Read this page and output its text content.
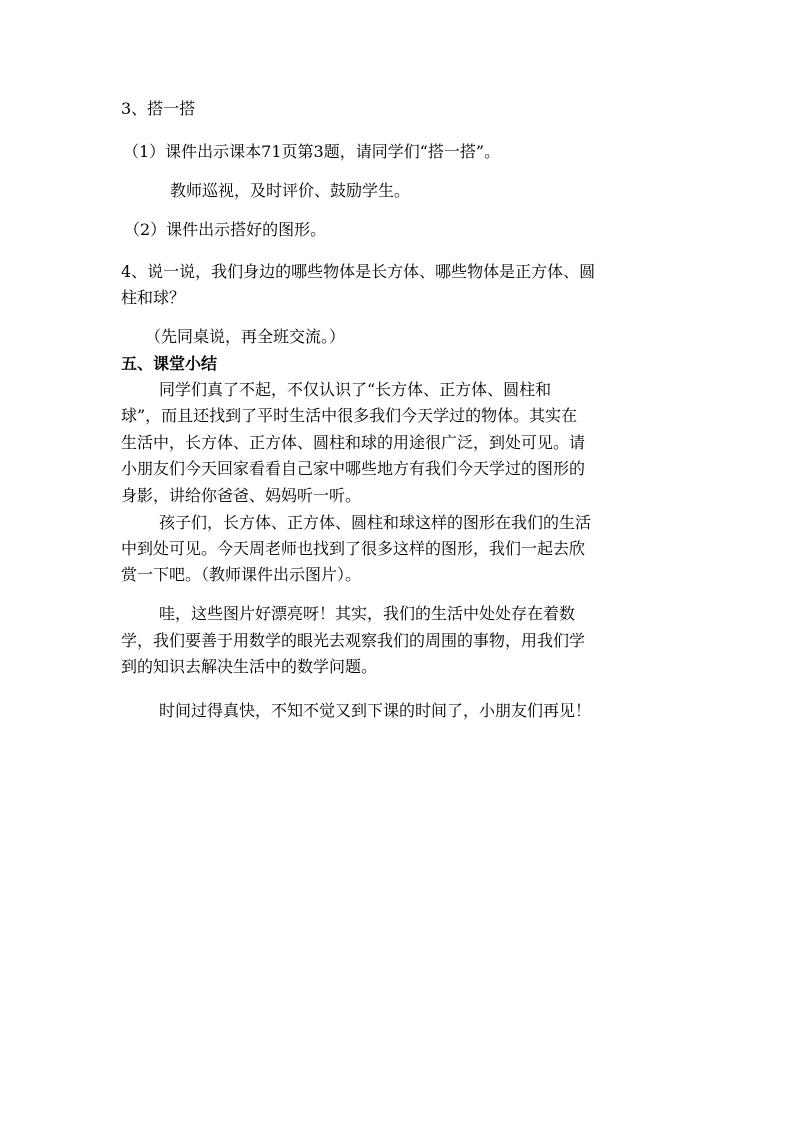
3、搭一搭
（1）课件出示课本71页第3题，请同学们“搭一搭”。
教师巡视，及时评价、鼓励学生。
（2）课件出示搭好的图形。
4、说一说，我们身边的哪些物体是长方体、哪些物体是正方体、圆
柱和球？
（先同桌说，再全班交流。）
五、课堂小结
同学们真了不起，不仅认识了“长方体、正方体、圆柱和
球”，而且还找到了平时生活中很多我们今天学过的物体。其实在
生活中，长方体、正方体、圆柱和球的用途很广泛，到处可见。请
小朋友们今天回家看看自己家中哪些地方有我们今天学过的图形的
身影，讲给你爸爸、妈妈听一听。
孩子们，长方体、正方体、圆柱和球这样的图形在我们的生活
中到处可见。今天周老师也找到了很多这样的图形，我们一起去欣
赏一下吧。（教师课件出示图片）。
哇，这些图片好漂亮呀！其实，我们的生活中处处存在着数
学，我们要善于用数学的眼光去观察我们的周围的事物，用我们学
到的知识去解决生活中的数学问题。
时间过得真快，不知不觉又到下课的时间了，小朋友们再见！
